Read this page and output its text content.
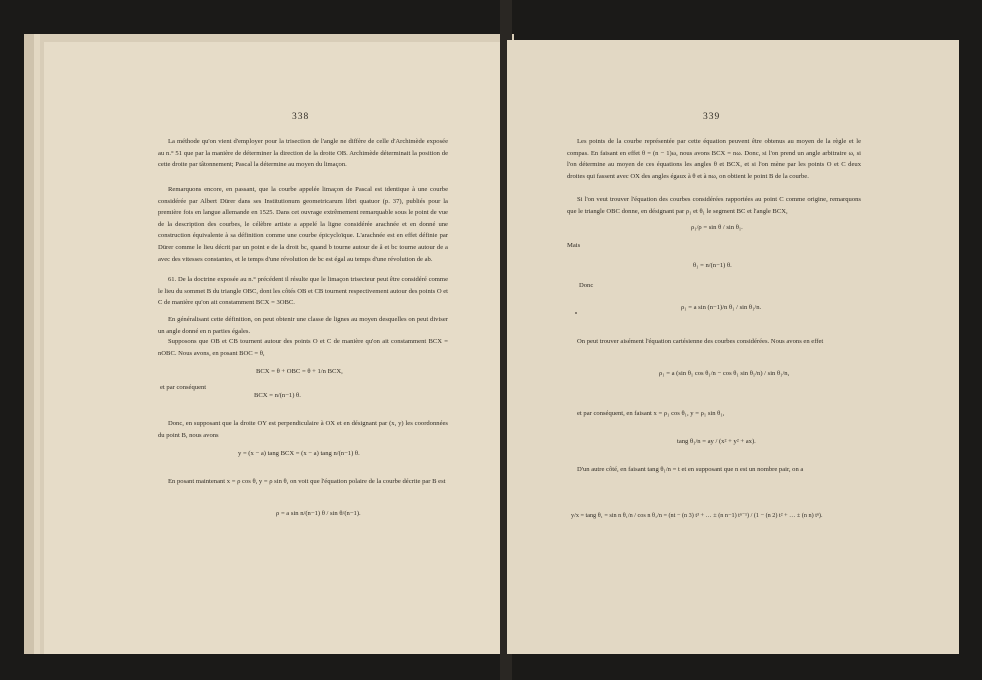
338

La méthode qu'on vient d'employer pour la trisection de l'angle ne diffère de celle d'Archimède exposée au n.° 51 que par la manière de déterminer la direction de la droite OB. Archimède déterminait la position de cette droite par tâtonnement; Pascal la détermine au moyen du limaçon.

Remarquons encore, en passant, que la courbe appelée limaçon de Pascal est identique à une courbe considérée par Albert Dürer dans ses Institutionum geometricarum libri quatuor (p. 37), publiés pour la première fois en langue allemande en 1525. Dans cet ouvrage extrêmement remarquable sous le point de vue de la description des courbes, le célèbre artiste a appelé la ligne considérée arachnée et en donné une construction équivalente à sa définition comme une courbe épicycloïque. L'arachnée est en effet définie par Dürer comme le lieu décrit par un point e de la droit bc, quand b tourne autour de â et bc tourne autour de a avec des vitesses constantes, et le temps d'une révolution de bc est égal au temps d'une révolution de ab.

61. De la doctrine exposée au n.° précédent il résulte que le limaçon trisecteur peut être considéré comme le lieu du sommet B du triangle OBC, dont les côtés OB et CB tournent respectivement autour des points O et C de manière qu'on ait constamment BCX = 3OBC.

En généralisant cette définition, on peut obtenir une classe de lignes au moyen desquelles on peut diviser un angle donné en n parties égales.

Supposons que OB et CB tournent autour des points O et C de manière qu'on ait constamment BCX = nOBC. Nous avons, en posant BOC = θ,

BCX = θ + OBC = θ + 1/n BCX,
et par conséquent
BCX = n/(n−1) θ.

Donc, en supposant que la droite OY est perpendiculaire à OX et en désignant par (x, y) les coordonnées du point B, nous avons

y = (x − a) tang BCX = (x − a) tang n/(n−1) θ.

En posant maintenant x = ρ cos θ, y = ρ sin θ, on voit que l'équation polaire de la courbe décrite par B est

ρ = a sin n/(n−1) θ / sin θ/(n−1).
339

Les points de la courbe représentée par cette équation peuvent être obtenus au moyen de la règle et le compas. En faisant en effet θ = (n − 1)ω, nous avons BCX = nω. Donc, si l'on prend un angle arbitraire ω, si l'on détermine au moyen de ces équations les angles θ et BCX, et si l'on mène par les points O et C deux droites qui fassent avec OX des angles égaux à θ et à nω, on obtient le point B de la courbe.

Si l'on veut trouver l'équation des courbes considérées rapportées au point C comme origine, remarquons que le triangle OBC donne, en désignant par ρ₁ et θ₁ le segment BC et l'angle BCX,

ρ₁/ρ = sin θ / sin θ₁.
Mais
θ₁ = n/(n−1) θ.
Donc
ρ₁ = a sin (n−1)/n θ₁ / sin θ₁/n.

On peut trouver aisément l'équation cartésienne des courbes considérées. Nous avons en effet

ρ₁ = a (sin θ₁ cos θ₁/n − cos θ₁ sin θ₁/n) / sin θ₁/n,

et par conséquent, en faisant x = ρ₁ cos θ₁, y = ρ₁ sin θ₁,

tang θ₁/n = ay / (x² + y² + ax).

D'un autre côté, en faisant tang θ₁/n = t et en supposant que n est un nombre pair, on a

y/x = tang θ₁ = sin n θ₁/n / cos n θ₁/n = (nt − (n 3) t³ + … ± (n n−1) tⁿ⁻¹) / (1 − (n 2) t² + … ± (n n) tⁿ).
